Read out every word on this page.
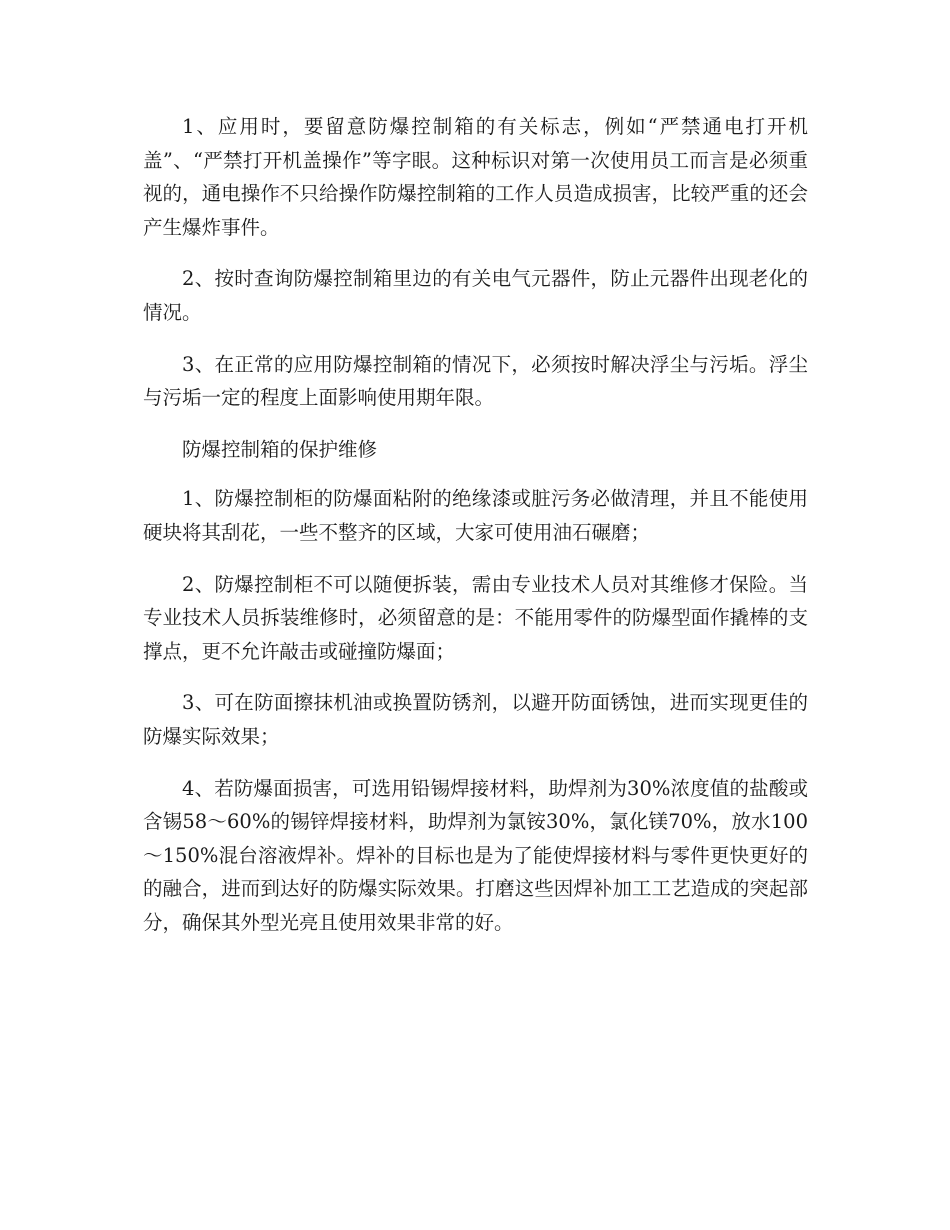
1、应用时，要留意防爆控制箱的有关标志，例如“严禁通电打开机盖”、“严禁打开机盖操作”等字眼。这种标识对第一次使用员工而言是必须重视的，通电操作不只给操作防爆控制箱的工作人员造成损害，比较严重的还会产生爆炸事件。

2、按时查询防爆控制箱里边的有关电气元器件，防止元器件出现老化的情况。

3、在正常的应用防爆控制箱的情况下，必须按时解决浮尘与污垢。浮尘与污垢一定的程度上面影响使用期年限。

防爆控制箱的保护维修

1、防爆控制柜的防爆面粘附的绝缘漆或脏污务必做清理，并且不能使用硬块将其刮花，一些不整齐的区域，大家可使用油石碾磨；

2、防爆控制柜不可以随便拆装，需由专业技术人员对其维修才保险。当专业技术人员拆装维修时，必须留意的是：不能用零件的防爆型面作撬棒的支撑点，更不允许敲击或碰撞防爆面；

3、可在防面擦抹机油或换置防锈剂，以避开防面锈蚀，进而实现更佳的防爆实际效果；

4、若防爆面损害，可选用铅锡焊接材料，助焊剂为30%浓度值的盐酸或含锡58～60%的锡锌焊接材料，助焊剂为氯铵30%，氯化镁70%，放水100～150%混台溶液焊补。焊补的目标也是为了能使焊接材料与零件更快更好的的融合，进而到达好的防爆实际效果。打磨这些因焊补加工工艺造成的突起部分，确保其外型光亮且使用效果非常的好。
